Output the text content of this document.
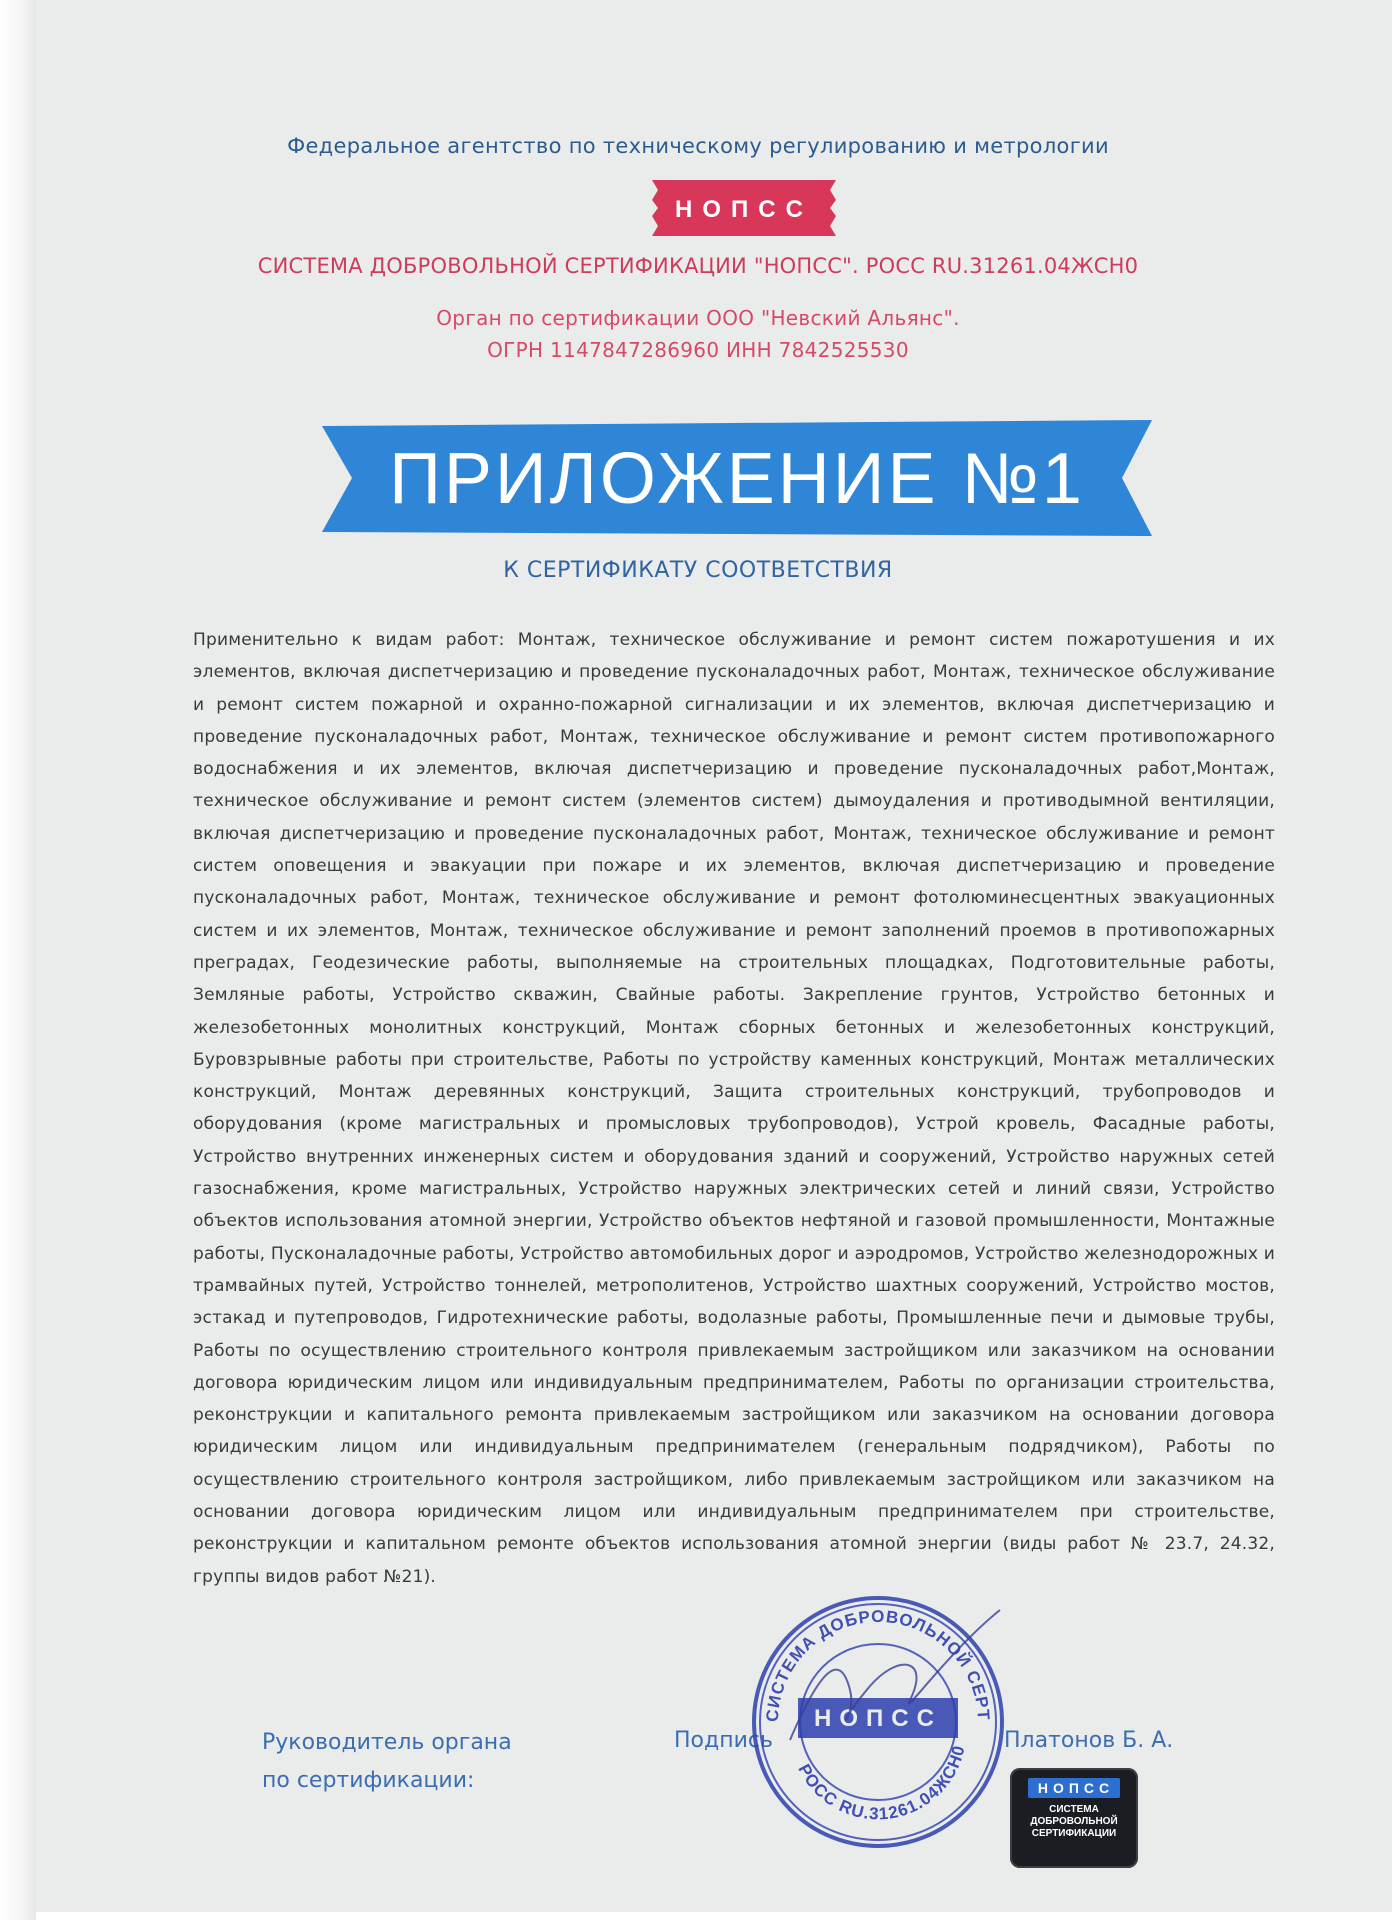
Федеральное агентство по техническому регулированию и метрологии
НОПСС
СИСТЕМА ДОБРОВОЛЬНОЙ СЕРТИФИКАЦИИ "НОПСС". РОСС RU.31261.04ЖСН0
Орган по сертификации ООО "Невский Альянс".
ОГРН 1147847286960 ИНН 7842525530
ПРИЛОЖЕНИЕ №1
К СЕРТИФИКАТУ СООТВЕТСТВИЯ
Применительно к видам работ: Монтаж, техническое обслуживание и ремонт систем пожаротушения и их элементов, включая диспетчеризацию и проведение пусконаладочных работ, Монтаж, техническое обслуживание и ремонт систем пожарной и охранно-пожарной сигнализации и их элементов, включая диспетчеризацию и проведение пусконаладочных работ, Монтаж, техническое обслуживание и ремонт систем противопожарного водоснабжения и их элементов, включая диспетчеризацию и проведение пусконаладочных работ,Монтаж, техническое обслуживание и ремонт систем (элементов систем) дымоудаления и противодымной вентиляции, включая диспетчеризацию и проведение пусконаладочных работ, Монтаж, техническое обслуживание и ремонт систем оповещения и эвакуации при пожаре и их элементов, включая диспетчеризацию и проведение пусконаладочных работ, Монтаж, техническое обслуживание и ремонт фотолюминесцентных эвакуационных систем и их элементов, Монтаж, техническое обслуживание и ремонт заполнений проемов в противопожарных преградах, Геодезические работы, выполняемые на строительных площадках, Подготовительные работы, Земляные работы, Устройство скважин, Свайные работы. Закрепление грунтов, Устройство бетонных и железобетонных монолитных конструкций, Монтаж сборных бетонных и железобетонных конструкций, Буровзрывные работы при строительстве, Работы по устройству каменных конструкций, Монтаж металлических конструкций, Монтаж деревянных конструкций, Защита строительных конструкций, трубопроводов и оборудования (кроме магистральных и промысловых трубопроводов), Устрой кровель, Фасадные работы, Устройство внутренних инженерных систем и оборудования зданий и сооружений, Устройство наружных сетей газоснабжения, кроме магистральных, Устройство наружных электрических сетей и линий связи, Устройство объектов использования атомной энергии, Устройство объектов нефтяной и газовой промышленности, Монтажные работы, Пусконаладочные работы, Устройство автомобильных дорог и аэродромов, Устройство железнодорожных и трамвайных путей, Устройство тоннелей, метрополитенов, Устройство шахтных сооружений, Устройство мостов, эстакад и путепроводов, Гидротехнические работы, водолазные работы, Промышленные печи и дымовые трубы, Работы по осуществлению строительного контроля привлекаемым застройщиком или заказчиком на основании договора юридическим лицом или индивидуальным предпринимателем, Работы по организации строительства, реконструкции и капитального ремонта привлекаемым застройщиком или заказчиком на основании договора юридическим лицом или индивидуальным предпринимателем (генеральным подрядчиком), Работы по осуществлению строительного контроля застройщиком, либо привлекаемым застройщиком или заказчиком на основании договора юридическим лицом или индивидуальным предпринимателем при строительстве, реконструкции и капитальном ремонте объектов использования атомной энергии (виды работ № 23.7, 24.32, группы видов работ №21).
Руководитель органа
по сертификации:
Подпись	Платонов Б. А.
СИСТЕМА ДОБРОВОЛЬНОЙ СЕРТ
РОСС RU.31261.04ЖСН0
НОПСС
НОПСС
СИСТЕМА
ДОБРОВОЛЬНОЙ
СЕРТИФИКАЦИИ
